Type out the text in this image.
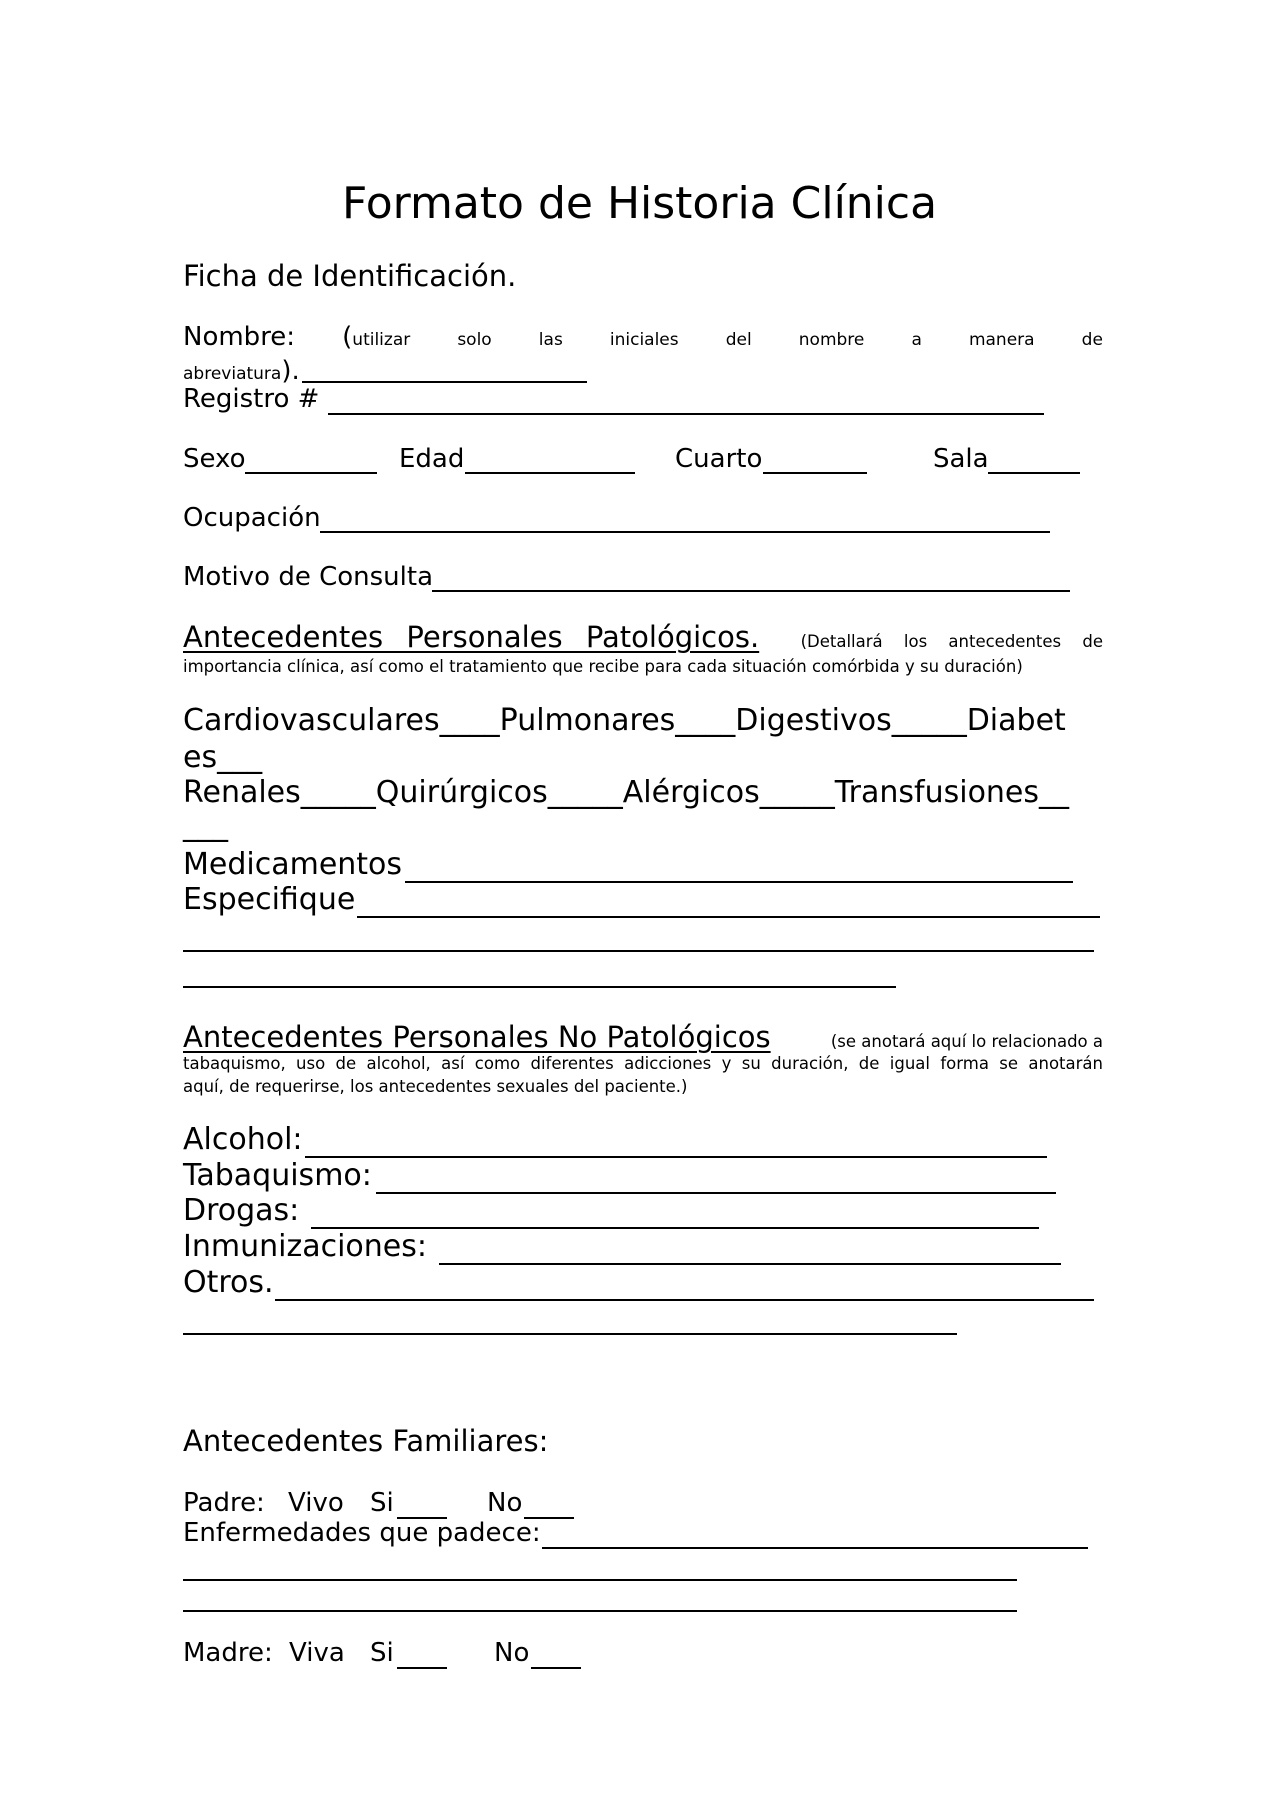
Formato de Historia Clínica
Ficha de Identificación.
Nombre: (utilizar	solo	las	iniciales	del	nombre	a	manera	de
abreviatura).
Registro #
Sexo	Edad	Cuarto	Sala
Ocupación
Motivo de Consulta
Antecedentes Personales Patológicos.	(Detallará los antecedentes de
importancia clínica, así como el tratamiento que recibe para cada situación comórbida y su duración)
Cardiovasculares____Pulmonares____Digestivos_____Diabet
es___
Renales_____Quirúrgicos_____Alérgicos_____Transfusiones__
___
Medicamentos
Especifique
Antecedentes Personales No Patológicos	(se anotará aquí lo relacionado a
tabaquismo, uso de alcohol, así como diferentes adicciones y su duración, de igual forma se anotarán
aquí, de requerirse, los antecedentes sexuales del paciente.)
Alcohol:
Tabaquismo:
Drogas:
Inmunizaciones:
Otros.
Antecedentes Familiares:
Padre: Vivo Si	No
Enfermedades que padece:
Madre: Viva Si	No
